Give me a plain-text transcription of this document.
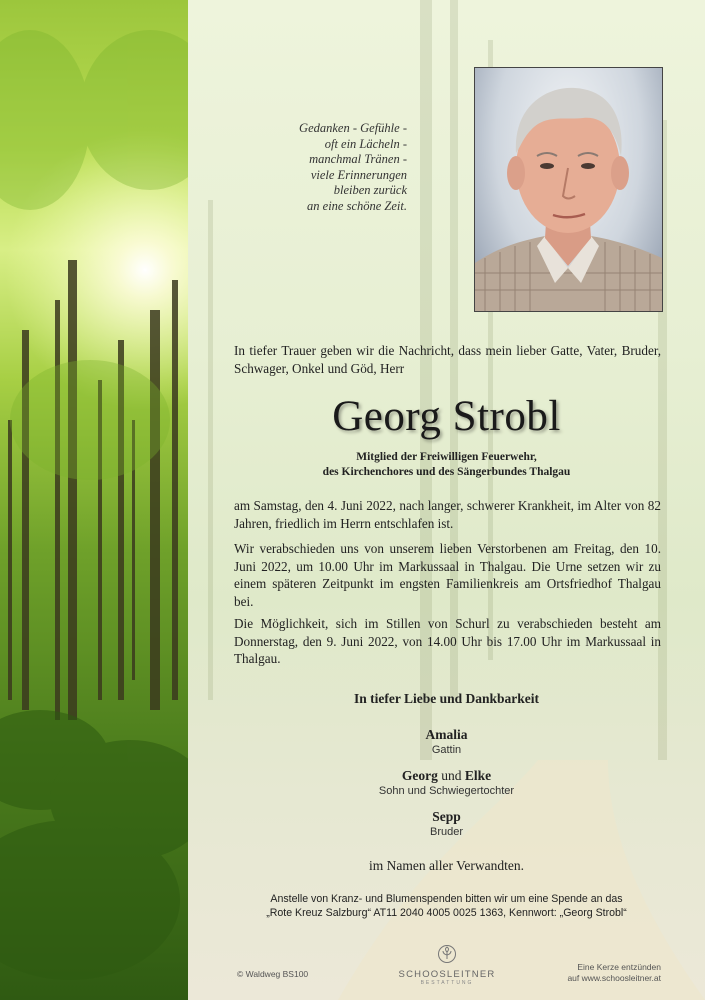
Gedanken - Gefühle -
oft ein Lächeln -
manchmal Tränen -
viele Erinnerungen
bleiben zurück
an eine schöne Zeit.
In tiefer Trauer geben wir die Nachricht, dass mein lieber Gatte, Vater, Bruder, Schwager, Onkel und Göd, Herr
Georg Strobl
Mitglied der Freiwilligen Feuerwehr,
des Kirchenchores und des Sängerbundes Thalgau
am Samstag, den 4. Juni 2022, nach langer, schwerer Krankheit, im Alter von 82 Jahren, friedlich im Herrn entschlafen ist.
Wir verabschieden uns von unserem lieben Verstorbenen am Freitag, den 10. Juni 2022, um 10.00 Uhr im Markussaal in Thalgau. Die Urne setzen wir zu einem späteren Zeitpunkt im engsten Familienkreis am Ortsfriedhof Thalgau bei.
Die Möglichkeit, sich im Stillen von Schurl zu verabschieden besteht am Donnerstag, den 9. Juni 2022, von 14.00 Uhr bis 17.00 Uhr im Markussaal in Thalgau.
In tiefer Liebe und Dankbarkeit
Amalia
Gattin
Georg und Elke
Sohn und Schwiegertochter
Sepp
Bruder
im Namen aller Verwandten.
Anstelle von Kranz- und Blumenspenden bitten wir um eine Spende an das
„Rote Kreuz Salzburg“ AT11 2040 4005 0025 1363, Kennwort: „Georg Strobl“
© Waldweg BS100	SCHOOSLEITNER
BESTATTUNG
Eine Kerze entzünden
auf www.schoosleitner.at
